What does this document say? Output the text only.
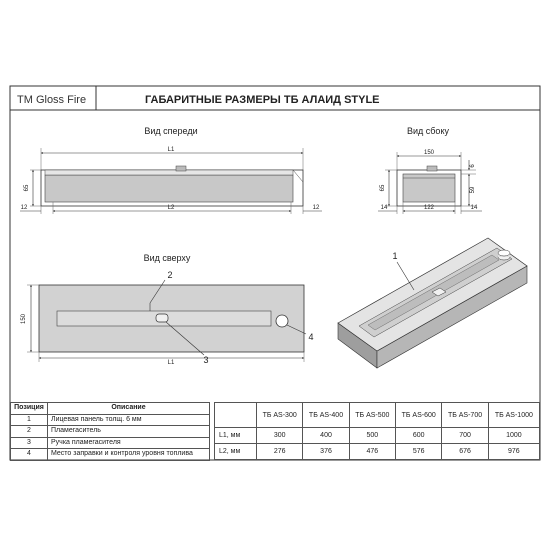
TM Gloss Fire	ГАБАРИТНЫЕ РАЗМЕРЫ ТБ АЛАИД STYLE
Вид спереди
L1
65
L2
12	12
Вид сбоку
150
65
6
59
122
14	14
Вид сверху
150
L1
2
3
4
1
Позиция	Описание
1	Лицевая панель толщ. 6 мм
2	Пламегаситель
3	Ручка пламегасителя
4	Место заправки и контроля уровня топлива
	ТБ AS-300	ТБ AS-400	ТБ AS-500	ТБ AS-600	ТБ AS-700	ТБ AS-1000
L1, мм	300	400	500	600	700	1000
L2, мм	276	376	476	576	676	976
